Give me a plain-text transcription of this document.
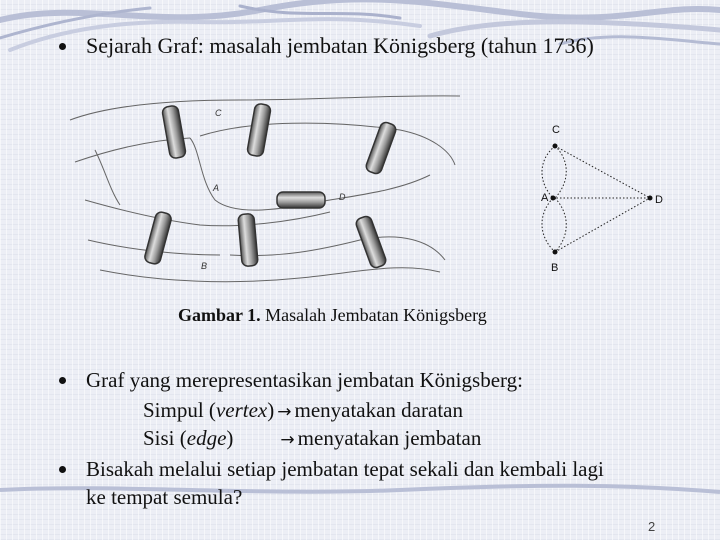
Sejarah Graf: masalah jembatan Königsberg (tahun 1736)
C
A
D
B
C
A	D
B
Gambar 1. Masalah Jembatan Königsberg
Graf yang merepresentasikan jembatan Königsberg:
Simpul (vertex) → menyatakan daratan
Sisi (edge)	→ menyatakan jembatan
Bisakah melalui setiap jembatan tepat sekali dan kembali lagi
ke tempat semula?
2
